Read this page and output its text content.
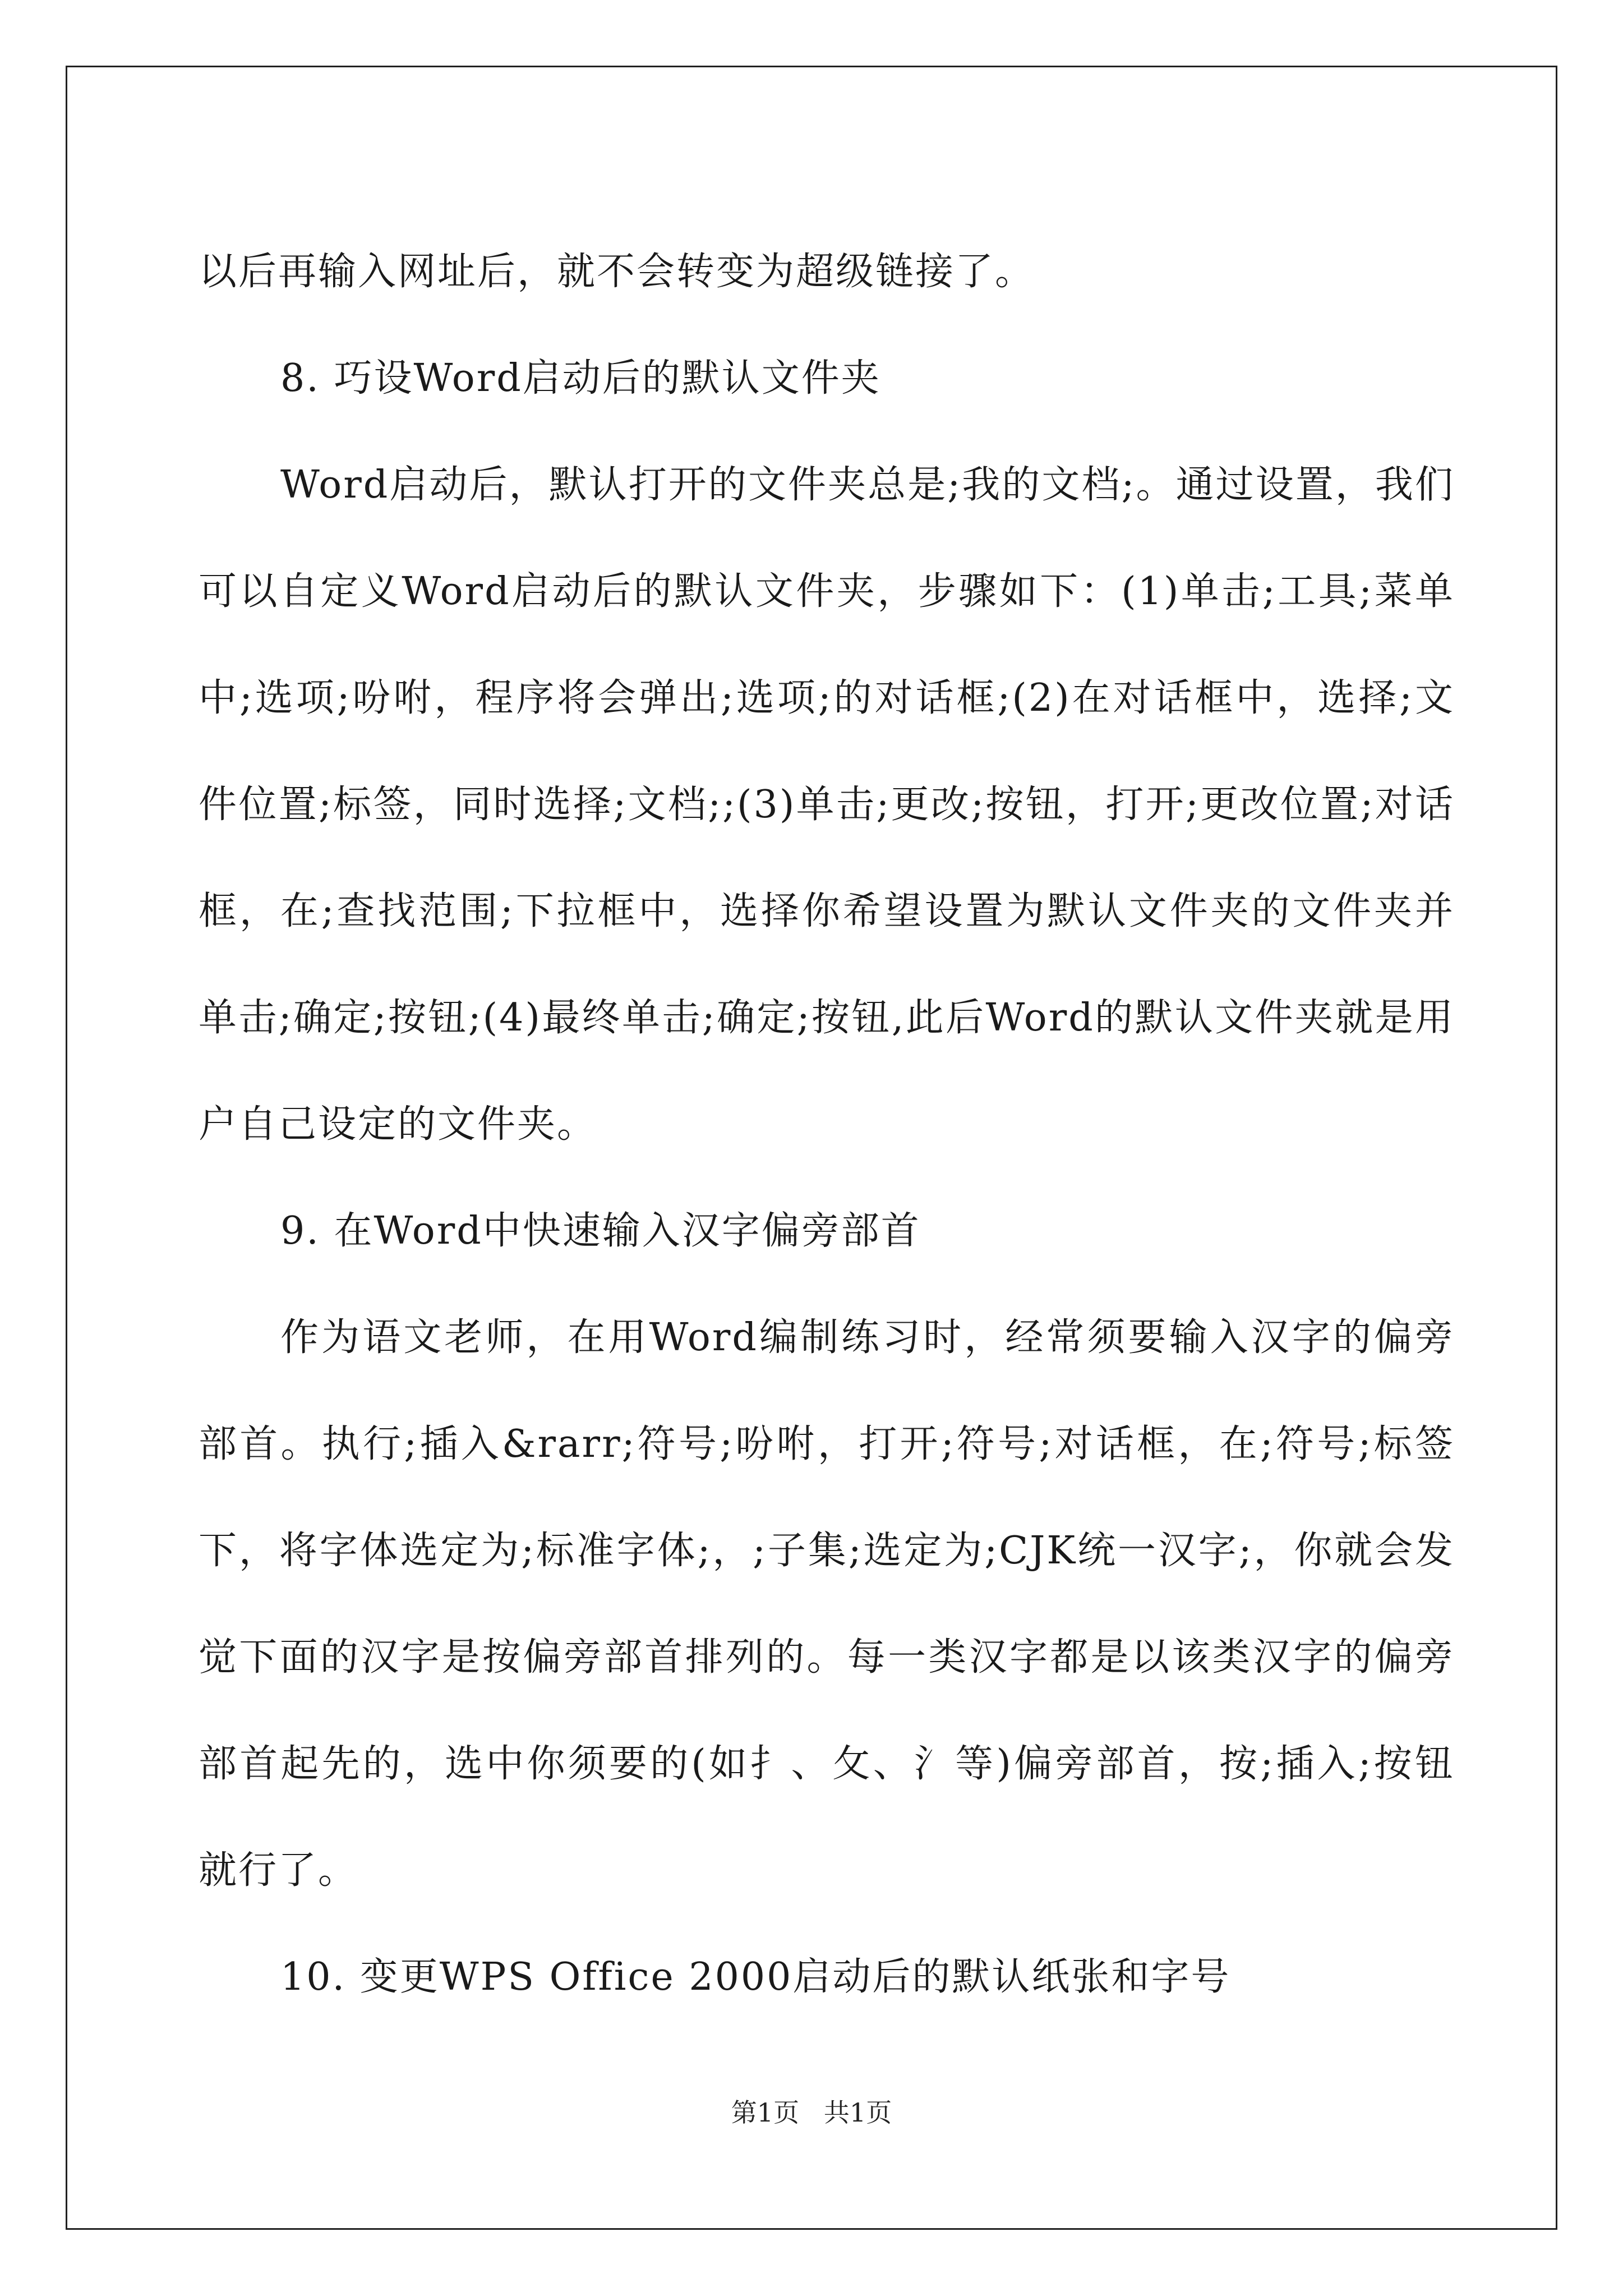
以后再输入网址后，就不会转变为超级链接了。

8. 巧设Word启动后的默认文件夹

Word启动后，默认打开的文件夹总是;我的文档;。通过设置，我们可以自定义Word启动后的默认文件夹，步骤如下：(1)单击;工具;菜单中;选项;吩咐，程序将会弹出;选项;的对话框;(2)在对话框中，选择;文件位置;标签，同时选择;文档;;(3)单击;更改;按钮，打开;更改位置;对话框，在;查找范围;下拉框中，选择你希望设置为默认文件夹的文件夹并单击;确定;按钮;(4)最终单击;确定;按钮,此后Word的默认文件夹就是用户自己设定的文件夹。

9. 在Word中快速输入汉字偏旁部首

作为语文老师，在用Word编制练习时，经常须要输入汉字的偏旁部首。执行;插入&rarr;符号;吩咐，打开;符号;对话框，在;符号;标签下，将字体选定为;标准字体;，;子集;选定为;CJK统一汉字;，你就会发觉下面的汉字是按偏旁部首排列的。每一类汉字都是以该类汉字的偏旁部首起先的，选中你须要的(如扌、攵、氵等)偏旁部首，按;插入;按钮就行了。

10. 变更WPS Office 2000启动后的默认纸张和字号

第1页   共1页
